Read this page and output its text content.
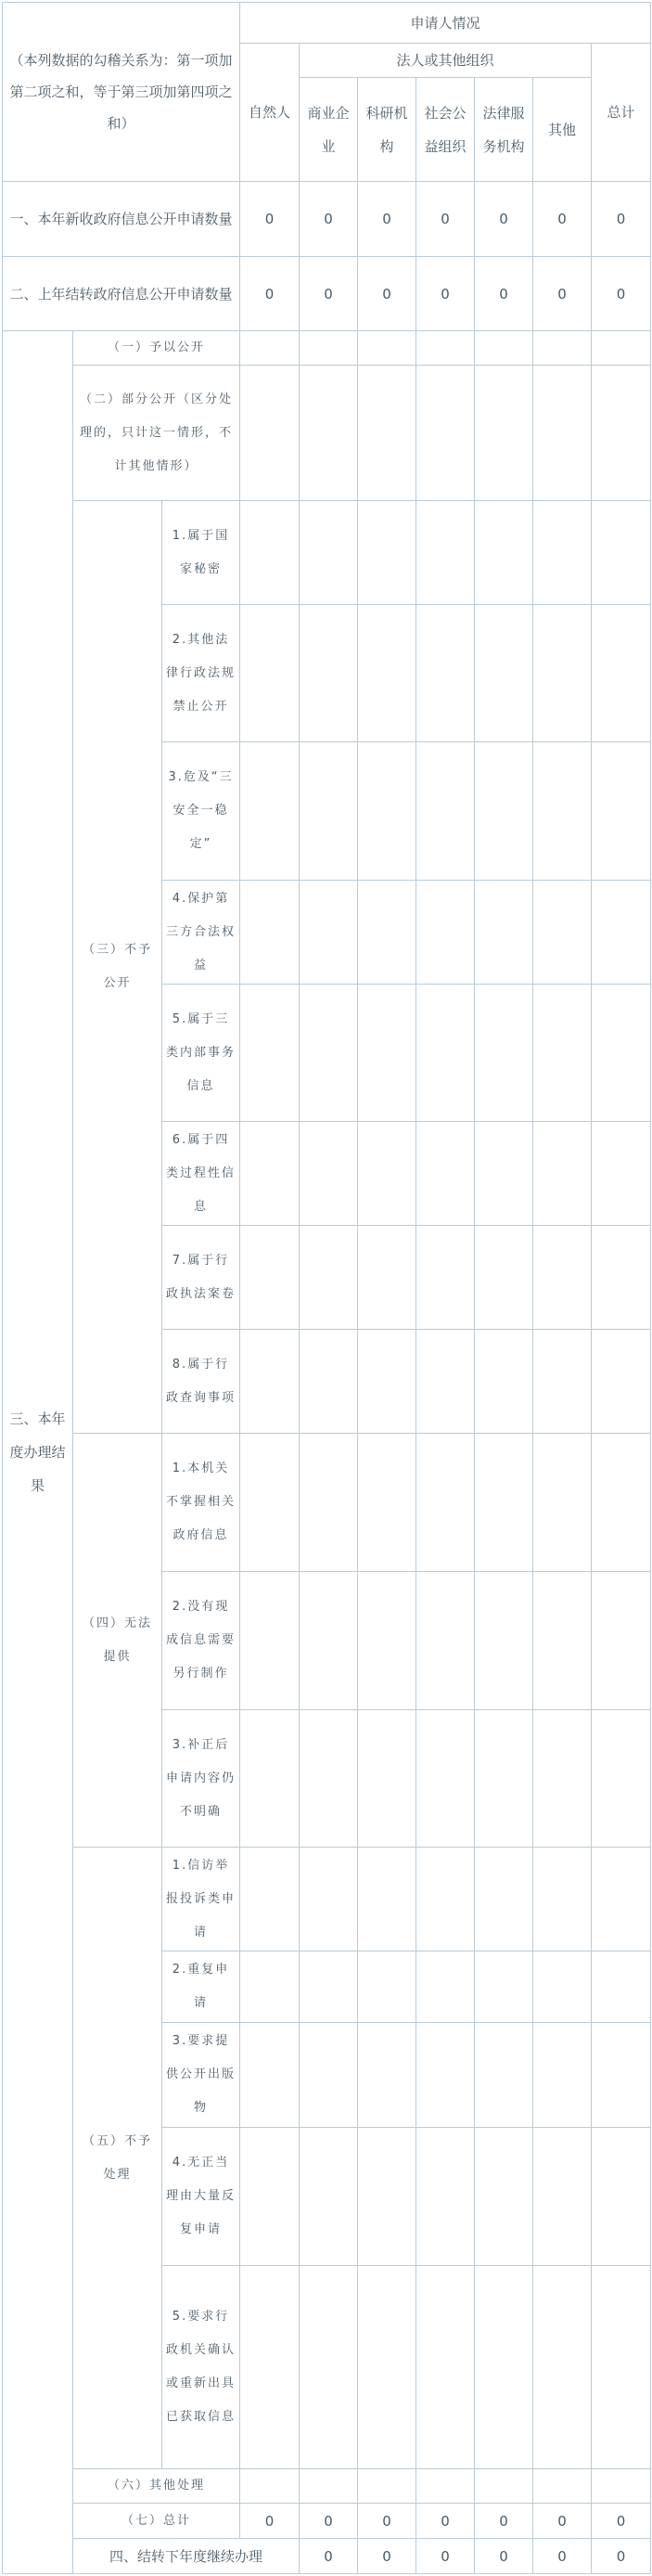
（本列数据的勾稽关系为：第一项加第二项之和，等于第三项加第四项之和）			申请人情况							
			自然人	法人或其他组织					总计	
				商业企业	科研机构	社会公益组织	法律服务机构	其他		
一、本年新收政府信息公开申请数量			0	0	0	0	0	0	0	
二、上年结转政府信息公开申请数量			0	0	0	0	0	0	0	
三、本年度办理结果	（一）予以公开									
	（二）部分公开（区分处理的，只计这一情形，不计其他情形）									
	（三）不予公开	1.属于国家秘密								
		2.其他法律行政法规禁止公开								
		3.危及“三安全一稳定”								
		4.保护第三方合法权益								
		5.属于三类内部事务信息								
		6.属于四类过程性信息								
		7.属于行政执法案卷								
		8.属于行政查询事项								
	（四）无法提供	1.本机关不掌握相关政府信息								
		2.没有现成信息需要另行制作								
		3.补正后申请内容仍不明确								
	（五）不予处理	1.信访举报投诉类申请								
		2.重复申请								
		3.要求提供公开出版物								
		4.无正当理由大量反复申请								
		5.要求行政机关确认或重新出具已获取信息								
	（六）其他处理									
	（七）总计		0	0	0	0	0	0	0	
	四、结转下年度继续办理			0	0	0	0	0	0	
